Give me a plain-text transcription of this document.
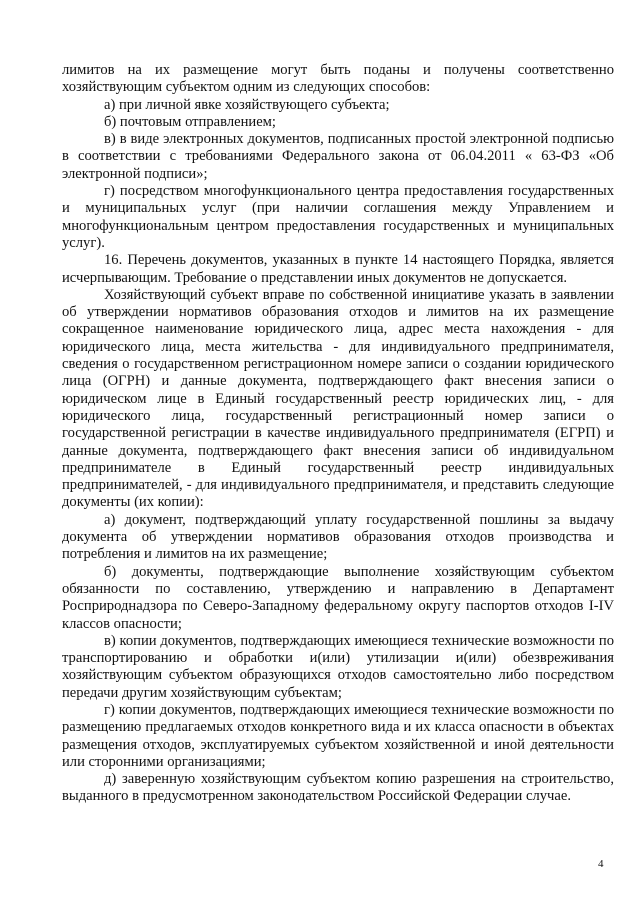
лимитов на их размещение могут быть поданы и получены соответственно хозяйствующим субъектом одним из следующих способов:

а) при личной явке хозяйствующего субъекта;

б) почтовым отправлением;

в) в виде электронных документов, подписанных простой электронной подписью в соответствии с требованиями Федерального закона от 06.04.2011 « 63-ФЗ «Об электронной подписи»;

г) посредством многофункционального центра предоставления государственных и муниципальных услуг (при наличии соглашения между Управлением и многофункциональным центром предоставления государственных и муниципальных услуг).

16. Перечень документов, указанных в пункте 14 настоящего Порядка, является исчерпывающим. Требование о представлении иных документов не допускается.

Хозяйствующий субъект вправе по собственной инициативе указать в заявлении об утверждении нормативов образования отходов и лимитов на их размещение сокращенное наименование юридического лица, адрес места нахождения - для юридического лица, места жительства - для индивидуального предпринимателя, сведения о государственном регистрационном номере записи о создании юридического лица (ОГРН) и данные документа, подтверждающего факт внесения записи о юридическом лице в Единый государственный реестр юридических лиц, - для юридического лица, государственный регистрационный номер записи о государственной регистрации в качестве индивидуального предпринимателя (ЕГРП) и данные документа, подтверждающего факт внесения записи об индивидуальном предпринимателе в Единый государственный реестр индивидуальных предпринимателей, - для индивидуального предпринимателя, и представить следующие документы (их копии):

а) документ, подтверждающий уплату государственной пошлины за выдачу документа об утверждении нормативов образования отходов производства и потребления и лимитов на их размещение;

б) документы, подтверждающие выполнение хозяйствующим субъектом обязанности по составлению, утверждению и направлению в Департамент Росприроднадзора по Северо-Западному федеральному округу паспортов отходов I-IV классов опасности;

в) копии документов, подтверждающих имеющиеся технические возможности по транспортированию и обработки и(или) утилизации и(или) обезвреживания хозяйствующим субъектом образующихся отходов самостоятельно либо посредством передачи другим хозяйствующим субъектам;

г) копии документов, подтверждающих имеющиеся технические возможности по размещению предлагаемых отходов конкретного вида и их класса опасности в объектах размещения отходов, эксплуатируемых субъектом хозяйственной и иной деятельности или сторонними организациями;

д) заверенную хозяйствующим субъектом копию разрешения на строительство, выданного в предусмотренном законодательством Российской Федерации случае.

4
